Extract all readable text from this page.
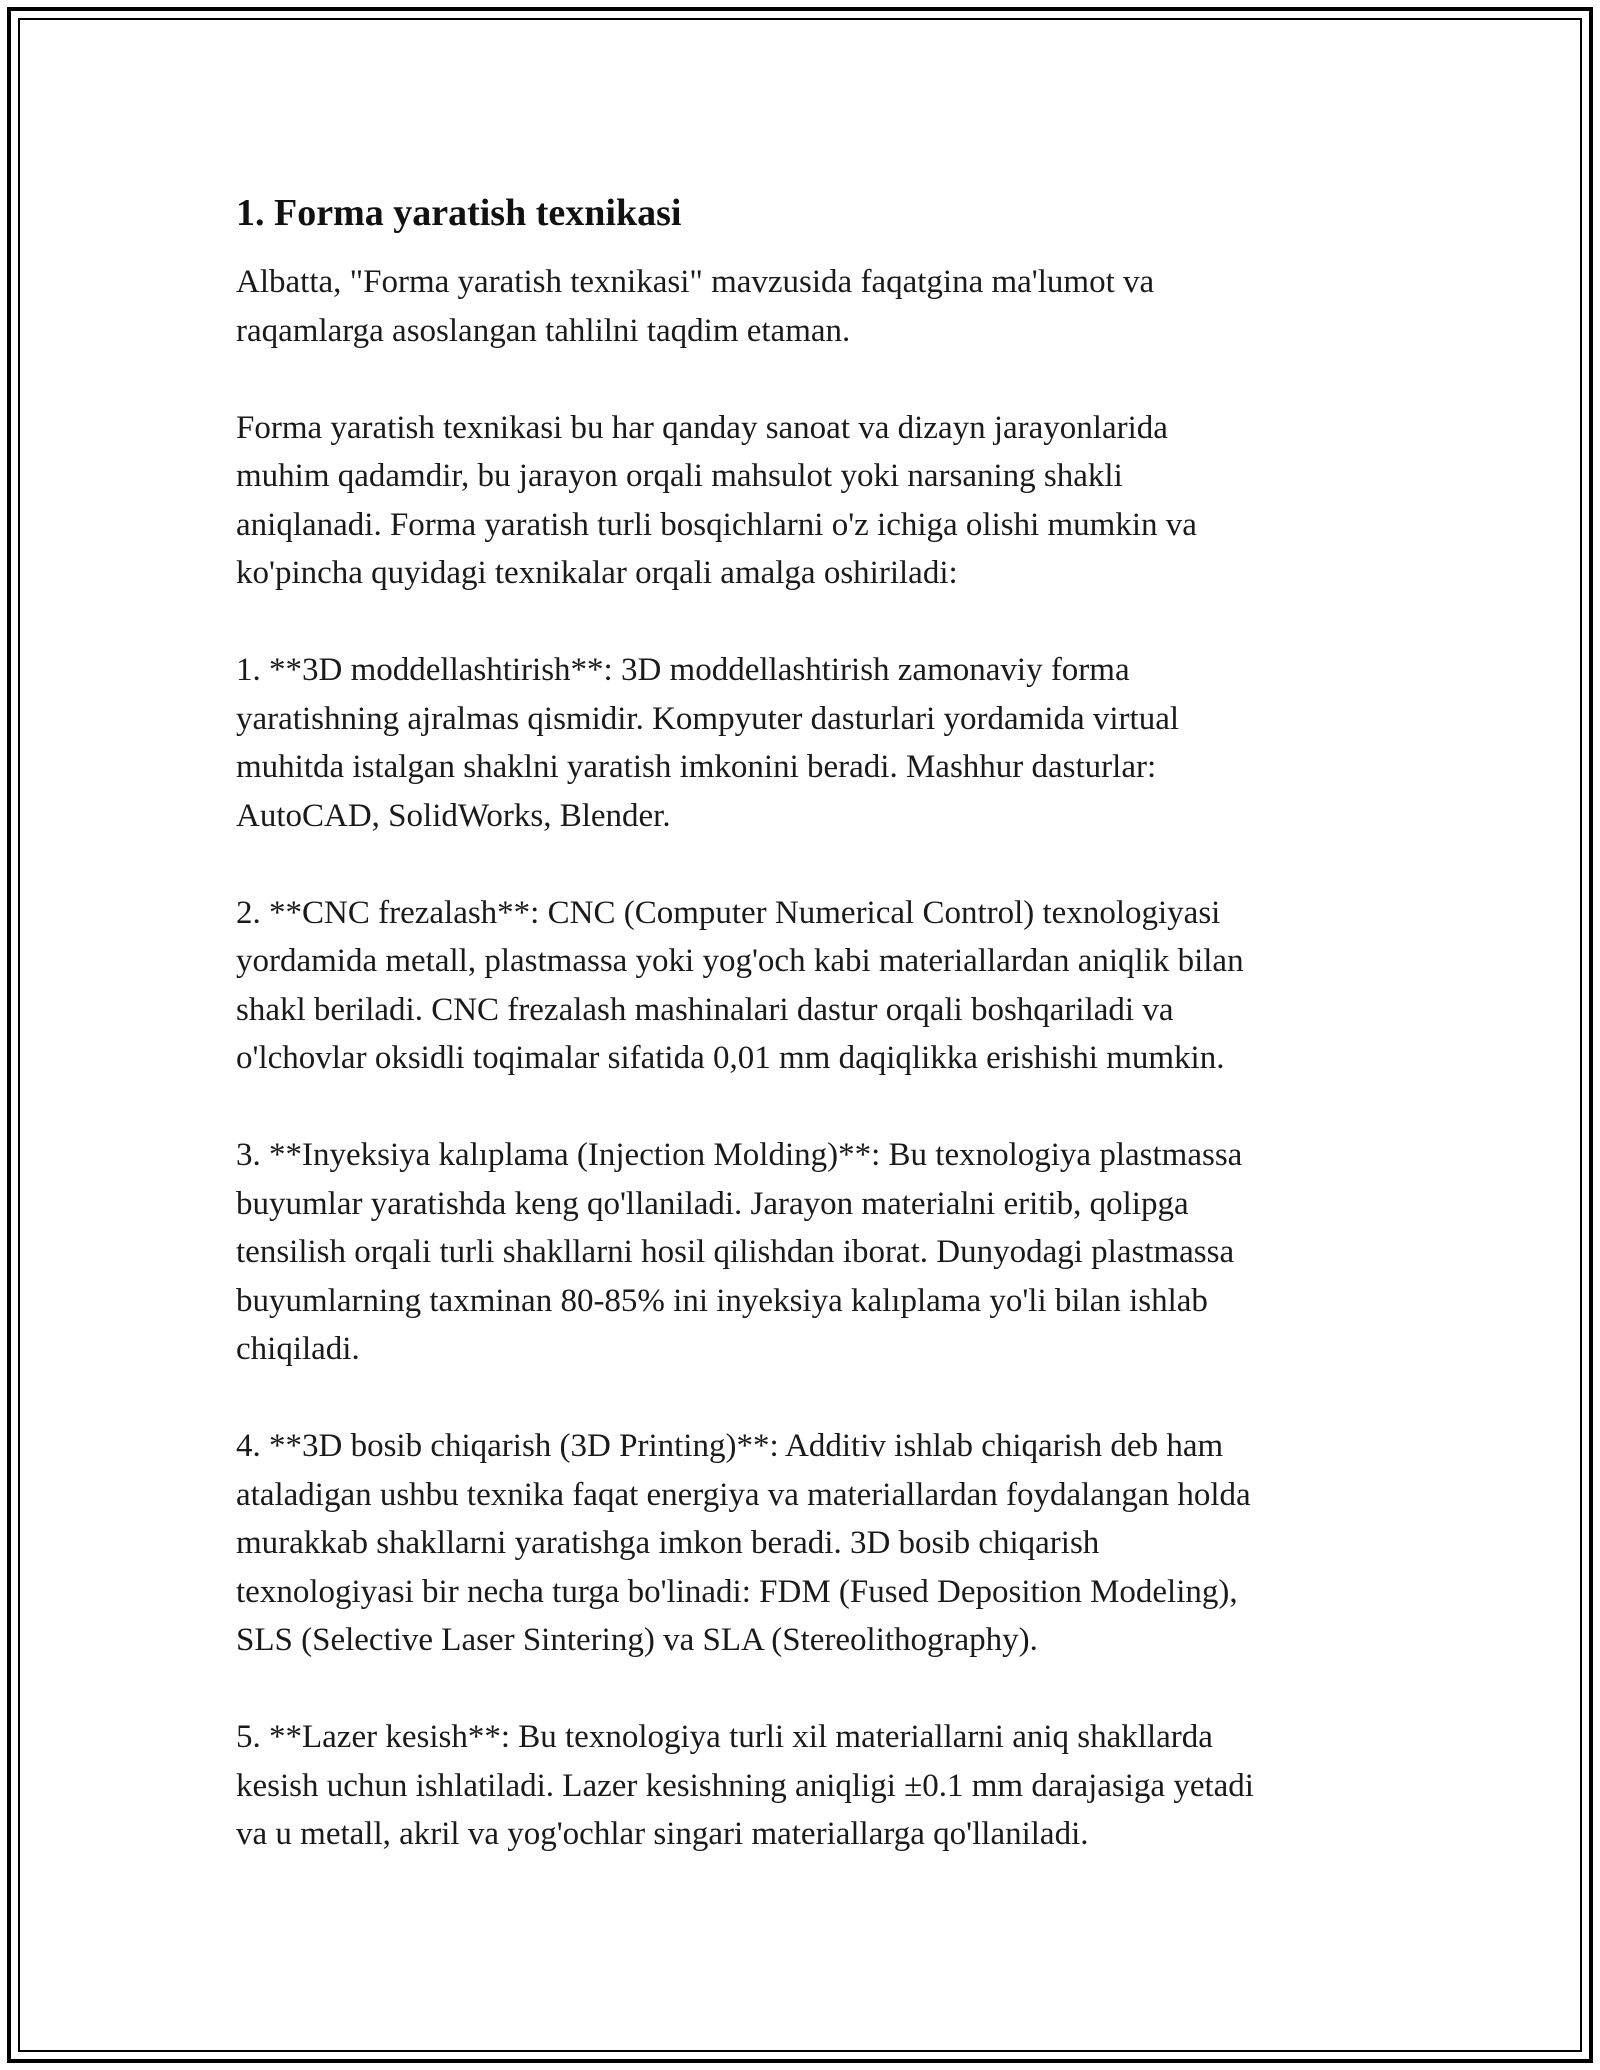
1. Forma yaratish texnikasi

Albatta, "Forma yaratish texnikasi" mavzusida faqatgina ma'lumot va
raqamlarga asoslangan tahlilni taqdim etaman.

Forma yaratish texnikasi bu har qanday sanoat va dizayn jarayonlarida
muhim qadamdir, bu jarayon orqali mahsulot yoki narsaning shakli
aniqlanadi. Forma yaratish turli bosqichlarni o'z ichiga olishi mumkin va
ko'pincha quyidagi texnikalar orqali amalga oshiriladi:

1. **3D moddellashtirish**: 3D moddellashtirish zamonaviy forma
yaratishning ajralmas qismidir. Kompyuter dasturlari yordamida virtual
muhitda istalgan shaklni yaratish imkonini beradi. Mashhur dasturlar:
AutoCAD, SolidWorks, Blender.

2. **CNC frezalash**: CNC (Computer Numerical Control) texnologiyasi
yordamida metall, plastmassa yoki yog'och kabi materiallardan aniqlik bilan
shakl beriladi. CNC frezalash mashinalari dastur orqali boshqariladi va
o'lchovlar oksidli toqimalar sifatida 0,01 mm daqiqlikka erishishi mumkin.

3. **Inyeksiya kalıplama (Injection Molding)**: Bu texnologiya plastmassa
buyumlar yaratishda keng qo'llaniladi. Jarayon materialni eritib, qolipga
tensilish orqali turli shakllarni hosil qilishdan iborat. Dunyodagi plastmassa
buyumlarning taxminan 80-85% ini inyeksiya kalıplama yo'li bilan ishlab
chiqiladi.

4. **3D bosib chiqarish (3D Printing)**: Additiv ishlab chiqarish deb ham
ataladigan ushbu texnika faqat energiya va materiallardan foydalangan holda
murakkab shakllarni yaratishga imkon beradi. 3D bosib chiqarish
texnologiyasi bir necha turga bo'linadi: FDM (Fused Deposition Modeling),
SLS (Selective Laser Sintering) va SLA (Stereolithography).

5. **Lazer kesish**: Bu texnologiya turli xil materiallarni aniq shakllarda
kesish uchun ishlatiladi. Lazer kesishning aniqligi ±0.1 mm darajasiga yetadi
va u metall, akril va yog'ochlar singari materiallarga qo'llaniladi.
